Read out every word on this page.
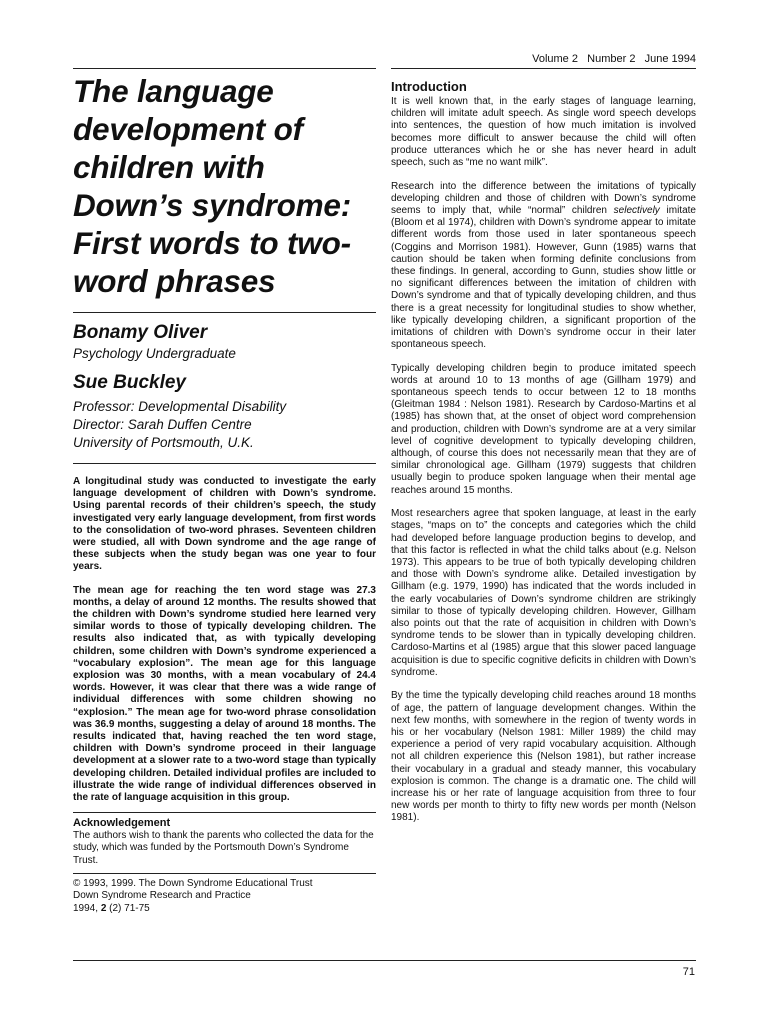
Volume 2   Number 2   June 1994
The language development of children with Down’s syndrome: First words to two-word phrases

Bonamy Oliver

Psychology Undergraduate

Sue Buckley

Professor: Developmental Disability

Director: Sarah Duffen Centre

University of Portsmouth, U.K.

A longitudinal study was conducted to investigate the early language development of children with Down’s syndrome. Using parental records of their children’s speech, the study investigated very early language development, from first words to the consolidation of two-word phrases. Seventeen children were studied, all with Down syndrome and the age range of these subjects when the study began was one year to four years.

The mean age for reaching the ten word stage was 27.3 months, a delay of around 12 months. The results showed that the children with Down’s syndrome studied here learned very similar words to those of typically developing children. The results also indicated that, as with typically developing children, some children with Down’s syndrome experienced a “vocabulary explosion”. The mean age for this language explosion was 30 months, with a mean vocabulary of 24.4 words. However, it was clear that there was a wide range of individual differences with some children showing no “explosion.” The mean age for two-word phrase consolidation was 36.9 months, suggesting a delay of around 18 months. The results indicated that, having reached the ten word stage, children with Down’s syndrome proceed in their language development at a slower rate to a two-word stage than typically developing children. Detailed individual profiles are included to illustrate the wide range of individual differences observed in the rate of language acquisition in this group.

Acknowledgement

The authors wish to thank the parents who collected the data for the study, which was funded by the Portsmouth Down’s Syndrome Trust.

© 1993, 1999. The Down Syndrome Educational Trust

Down Syndrome Research and Practice

1994, 2 (2) 71-75

Introduction

It is well known that, in the early stages of language learning, children will imitate adult speech. As single word speech develops into sentences, the question of how much imitation is involved becomes more difficult to answer because the child will often produce utterances which he or she has never heard in adult speech, such as “me no want milk”.

Research into the difference between the imitations of typically developing children and those of children with Down’s syndrome seems to imply that, while “normal” children selectively imitate (Bloom et al 1974), children with Down’s syndrome appear to imitate different words from those used in later spontaneous speech (Coggins and Morrison 1981). However, Gunn (1985) warns that caution should be taken when forming definite conclusions from these findings. In general, according to Gunn, studies show little or no significant differences between the imitation of children with Down’s syndrome and that of typically developing children, and thus there is a great necessity for longitudinal studies to show whether, like typically developing children, a significant proportion of the imitations of children with Down’s syndrome occur in their later spontaneous speech.

Typically developing children begin to produce imitated speech words at around 10 to 13 months of age (Gillham 1979) and spontaneous speech tends to occur between 12 to 18 months (Gleitman 1984 : Nelson 1981). Research by Cardoso-Martins et al (1985) has shown that, at the onset of object word comprehension and production, children with Down’s syndrome are at a very similar level of cognitive development to typically developing children, although, of course this does not necessarily mean that they are of similar chronological age. Gillham (1979) suggests that children usually begin to produce spoken language when their mental age reaches around 15 months.

Most researchers agree that spoken language, at least in the early stages, “maps on to” the concepts and categories which the child had developed before language production begins to develop, and that this factor is reflected in what the child talks about (e.g. Nelson 1973). This appears to be true of both typically developing children and those with Down’s syndrome alike. Detailed investigation by Gillham (e.g. 1979, 1990) has indicated that the words included in the early vocabularies of Down’s syndrome children are strikingly similar to those of typically developing children. However, Gillham also points out that the rate of acquisition in children with Down’s syndrome tends to be slower than in typically developing children. Cardoso-Martins et al (1985) argue that this slower paced language acquisition is due to specific cognitive deficits in children with Down’s syndrome.

By the time the typically developing child reaches around 18 months of age, the pattern of language development changes. Within the next few months, with somewhere in the region of twenty words in his or her vocabulary (Nelson 1981: Miller 1989) the child may experience a period of very rapid vocabulary acquisition. Although not all children experience this (Nelson 1981), but rather increase their vocabulary in a gradual and steady manner, this vocabulary explosion is common. The change is a dramatic one. The child will increase his or her rate of language acquisition from three to four new words per month to thirty to fifty new words per month (Nelson 1981).

71
